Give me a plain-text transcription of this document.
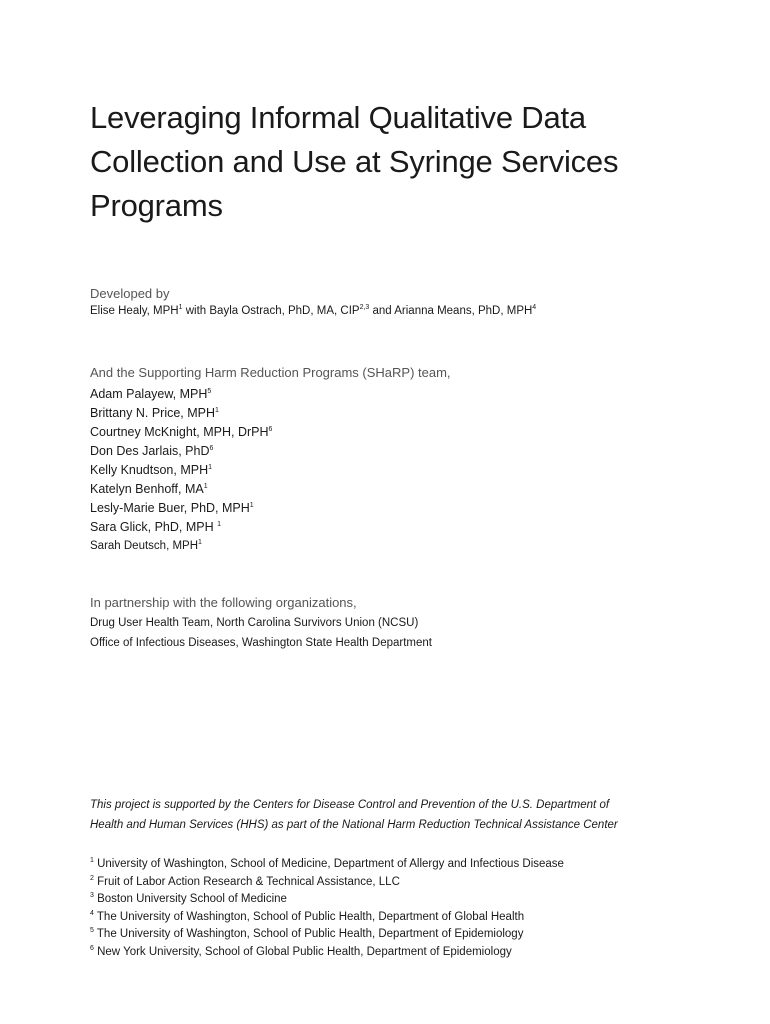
Leveraging Informal Qualitative Data
Collection and Use at Syringe Services
Programs
Developed by
Elise Healy, MPH$^1$ with Bayla Ostrach, PhD, MA, CIP$^{2,3}$ and Arianna Means, PhD, MPH$^4$
And the Supporting Harm Reduction Programs (SHaRP) team,
Adam Palayew, MPH$^5$
Brittany N. Price, MPH$^1$
Courtney McKnight, MPH, DrPH$^6$
Don Des Jarlais, PhD$^6$
Kelly Knudtson, MPH$^1$
Katelyn Benhoff, $MA^1$
Lesly-Marie Buer, PhD, MPH$^1$
Sara Glick, PhD, MPH $^1$
Sarah Deutsch, MPH$^1$
In partnership with the following organizations,
Drug User Health Team, North Carolina Survivors Union (NCSU)
Office of Infectious Diseases, Washington State Health Department

This project is supported by the Centers for Disease Control and Prevention of the U.S. Department of
Health and Human Services (HHS) as part of the National Harm Reduction Technical Assistance Center

$^1$ University of Washington, School of Medicine, Department of Allergy and Infectious Disease
$^2$ Fruit of Labor Action Research & Technical Assistance, LLC
$^3$ Boston University School of Medicine
$^4$ The University of Washington, School of Public Health, Department of Global Health
$^5$ The University of Washington, School of Public Health, Department of Epidemiology
$^6$ New York University, School of Global Public Health, Department of Epidemiology
